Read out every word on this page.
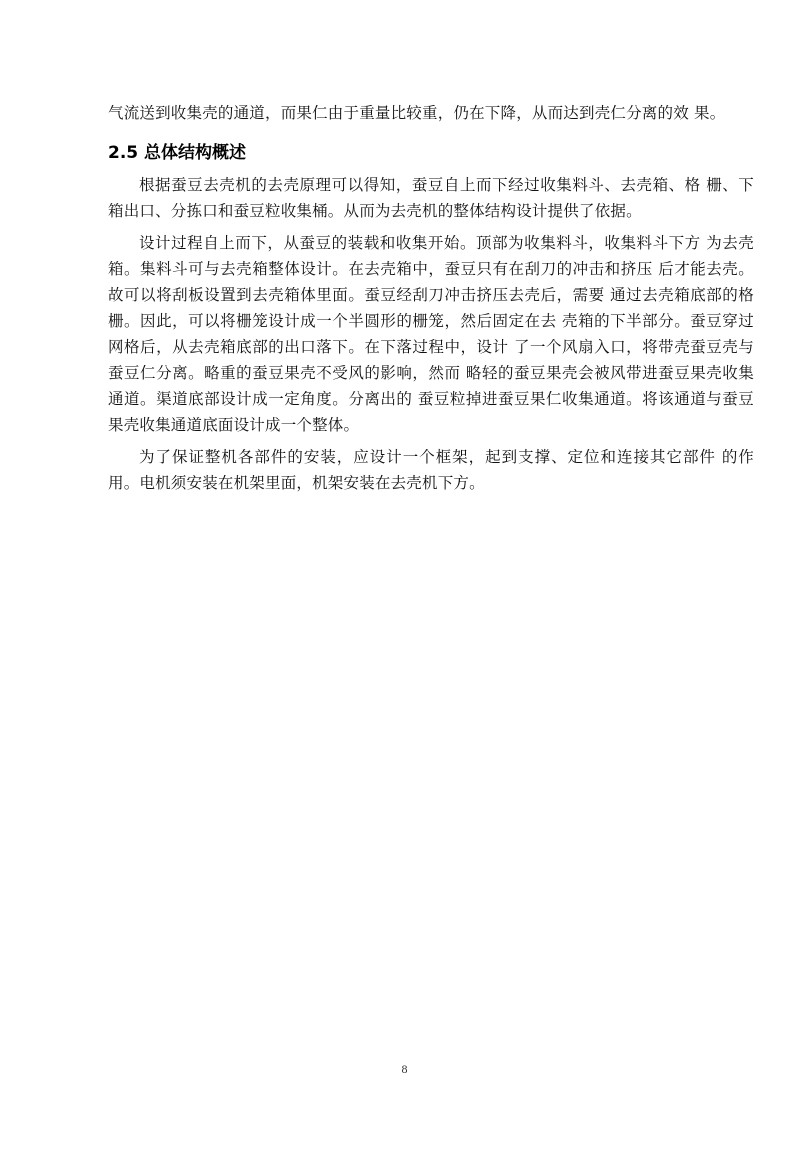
气流送到收集壳的通道，而果仁由于重量比较重，仍在下降，从而达到壳仁分离的效 果。

2.5 总体结构概述

根据蚕豆去壳机的去壳原理可以得知，蚕豆自上而下经过收集料斗、去壳箱、格 栅、下箱出口、分拣口和蚕豆粒收集桶。从而为去壳机的整体结构设计提供了依据。

设计过程自上而下，从蚕豆的装载和收集开始。顶部为收集料斗，收集料斗下方 为去壳箱。集料斗可与去壳箱整体设计。在去壳箱中，蚕豆只有在刮刀的冲击和挤压 后才能去壳。故可以将刮板设置到去壳箱体里面。蚕豆经刮刀冲击挤压去壳后，需要 通过去壳箱底部的格栅。因此，可以将栅笼设计成一个半圆形的栅笼，然后固定在去 壳箱的下半部分。蚕豆穿过网格后，从去壳箱底部的出口落下。在下落过程中，设计 了一个风扇入口，将带壳蚕豆壳与蚕豆仁分离。略重的蚕豆果壳不受风的影响，然而 略轻的蚕豆果壳会被风带进蚕豆果壳收集通道。渠道底部设计成一定角度。分离出的 蚕豆粒掉进蚕豆果仁收集通道。将该通道与蚕豆果壳收集通道底面设计成一个整体。

为了保证整机各部件的安装，应设计一个框架，起到支撑、定位和连接其它部件 的作用。电机须安装在机架里面，机架安装在去壳机下方。

8
